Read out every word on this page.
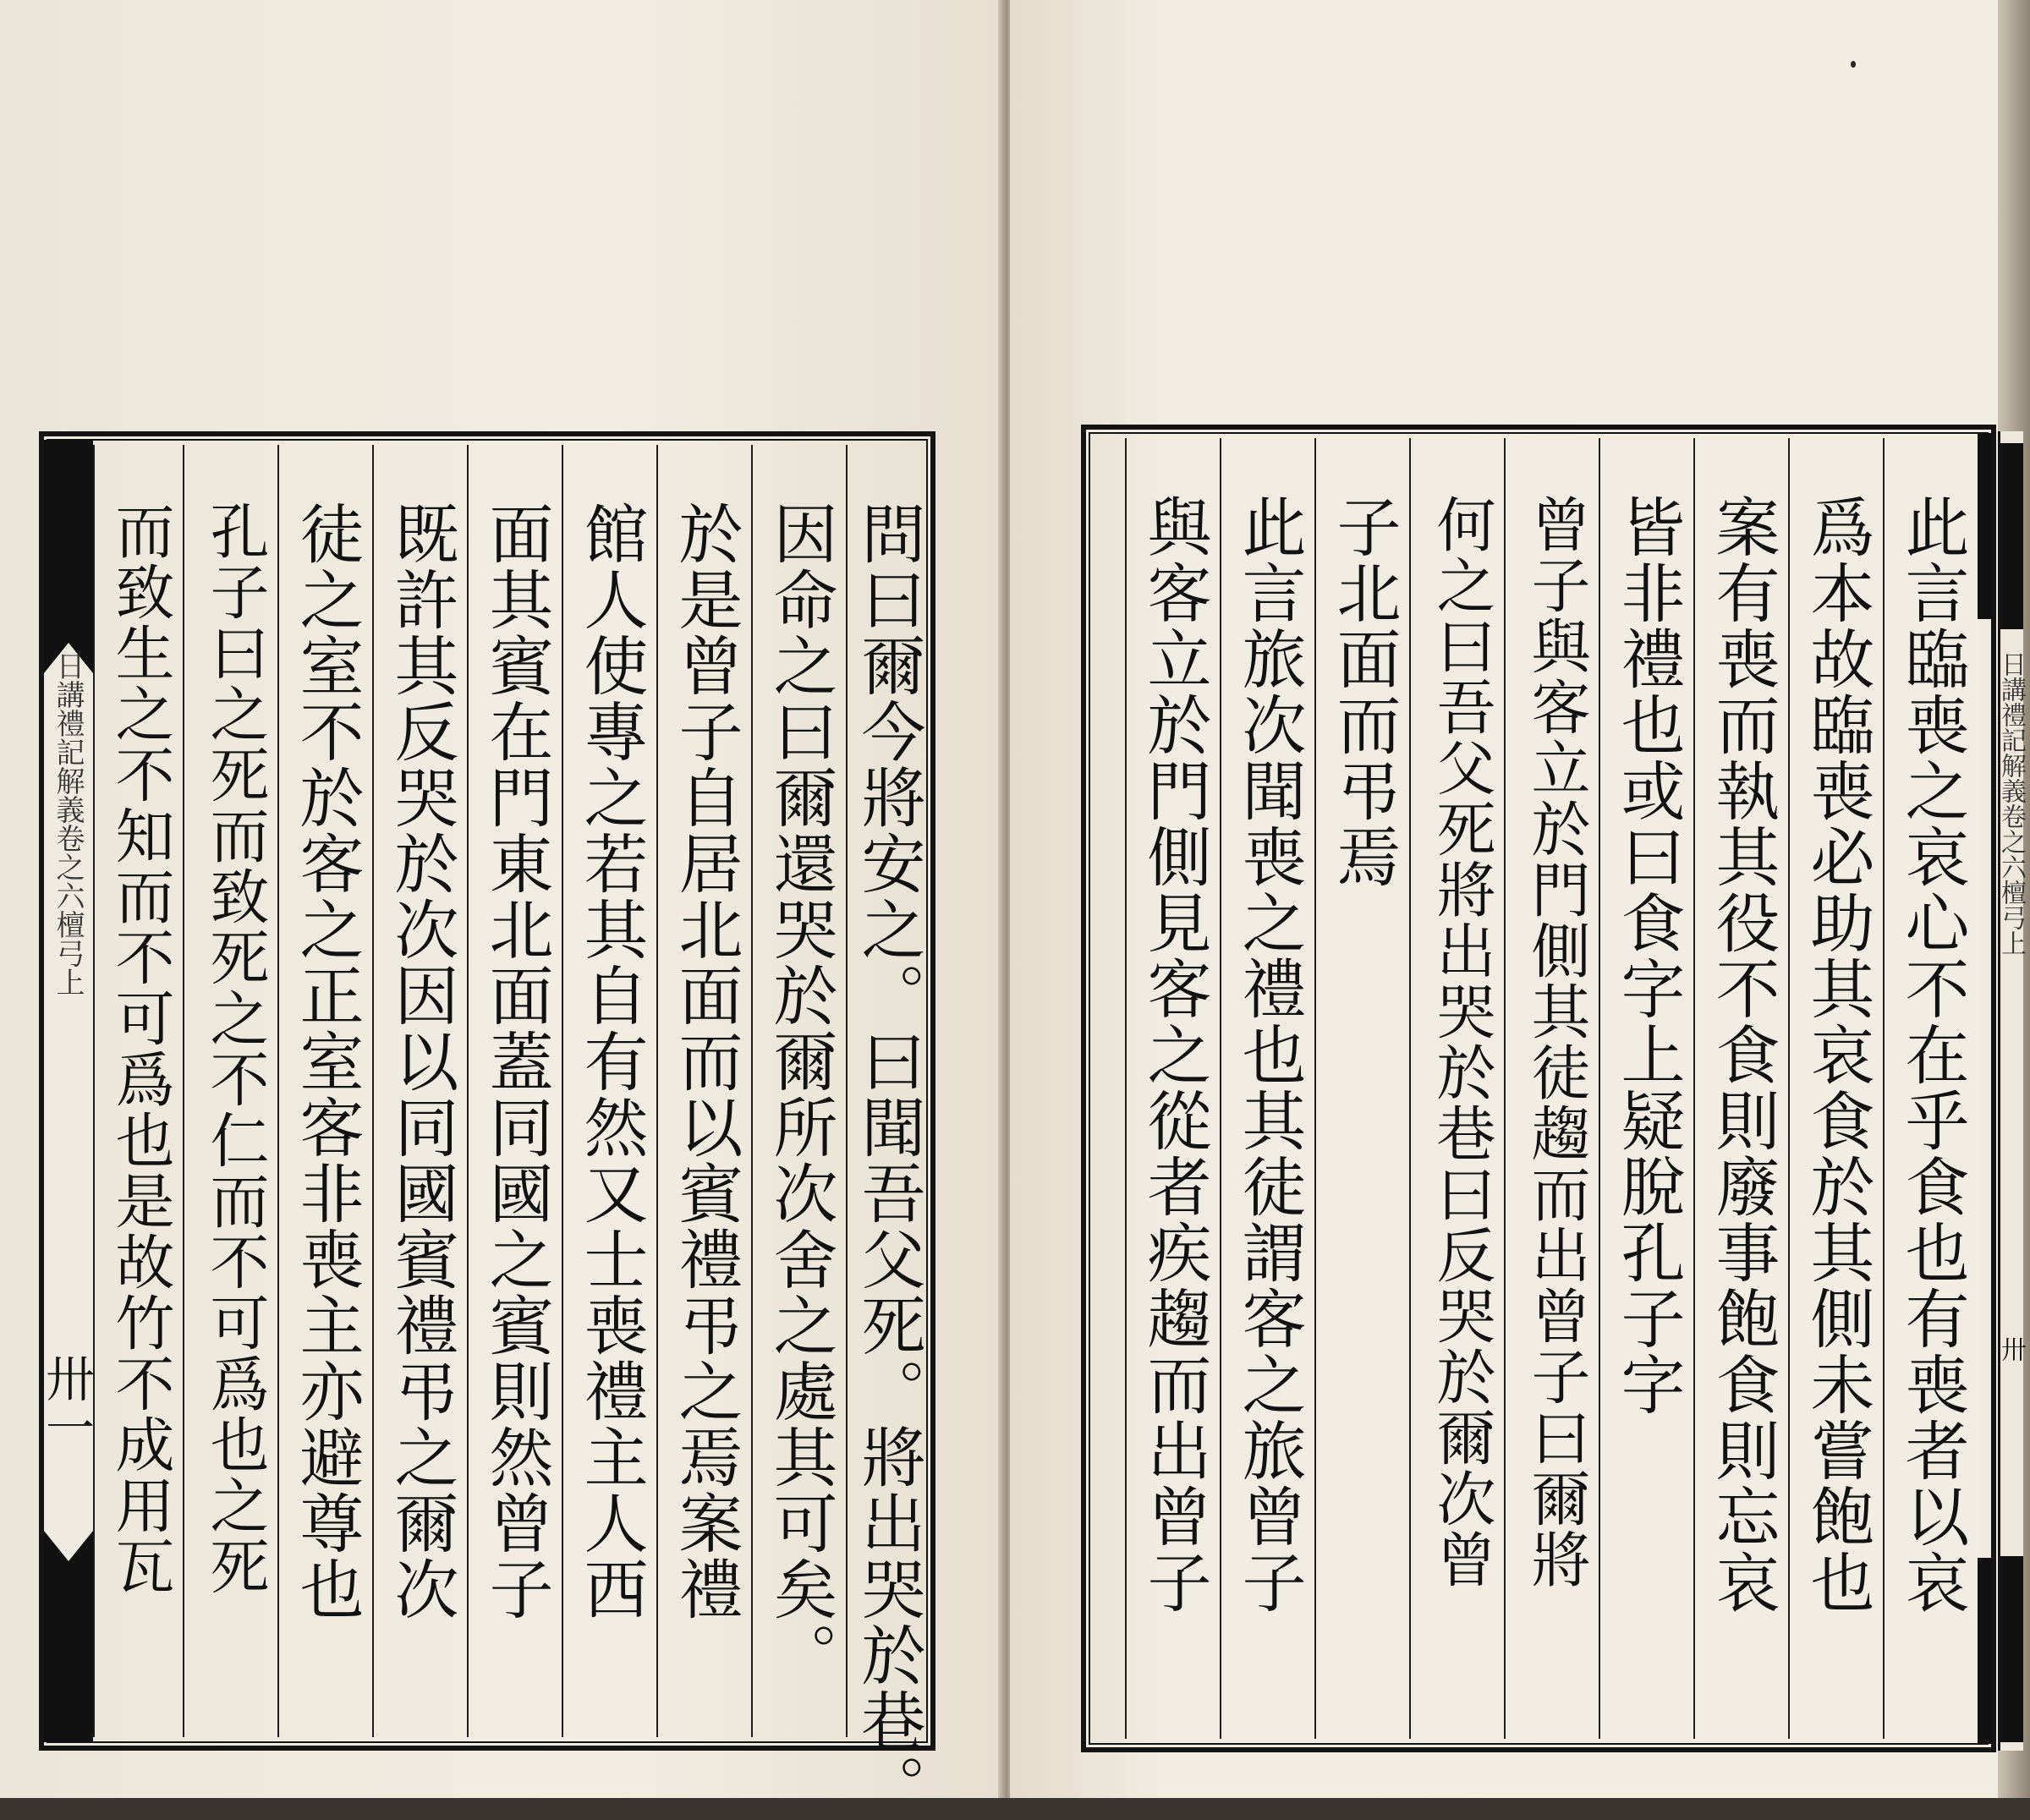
日講禮記解義卷之六
檀弓上
卅一	問曰爾今將安之。曰聞吾父死。將出哭於巷。
因命之曰爾還哭於爾所次舍之處其可矣。
於是曾子自居北面而以賓禮弔之焉案禮
館人使專之若其自有然又士喪禮主人西
面其賓在門東北面蓋同國之賓則然曾子
既許其反哭於次因以同國賓禮弔之爾次
徒之室不於客之正室客非喪主亦避尊也
孔子曰之死而致死之不仁而不可爲也之死
而致生之不知而不可爲也是故竹不成用瓦	此言臨喪之哀心不在乎食也有喪者以哀
爲本故臨喪必助其哀食於其側未嘗飽也
案有喪而執其役不食則廢事飽食則忘哀
皆非禮也或曰食字上疑脫孔子字
曾子與客立於門側其徒趨而出曾子曰爾將
何之曰吾父死將出哭於巷曰反哭於爾次曾
子北面而弔焉
此言旅次聞喪之禮也其徒謂客之旅曾子
與客立於門側見客之從者疾趨而出曾子	日講禮記解義卷之六檀弓上
卅
